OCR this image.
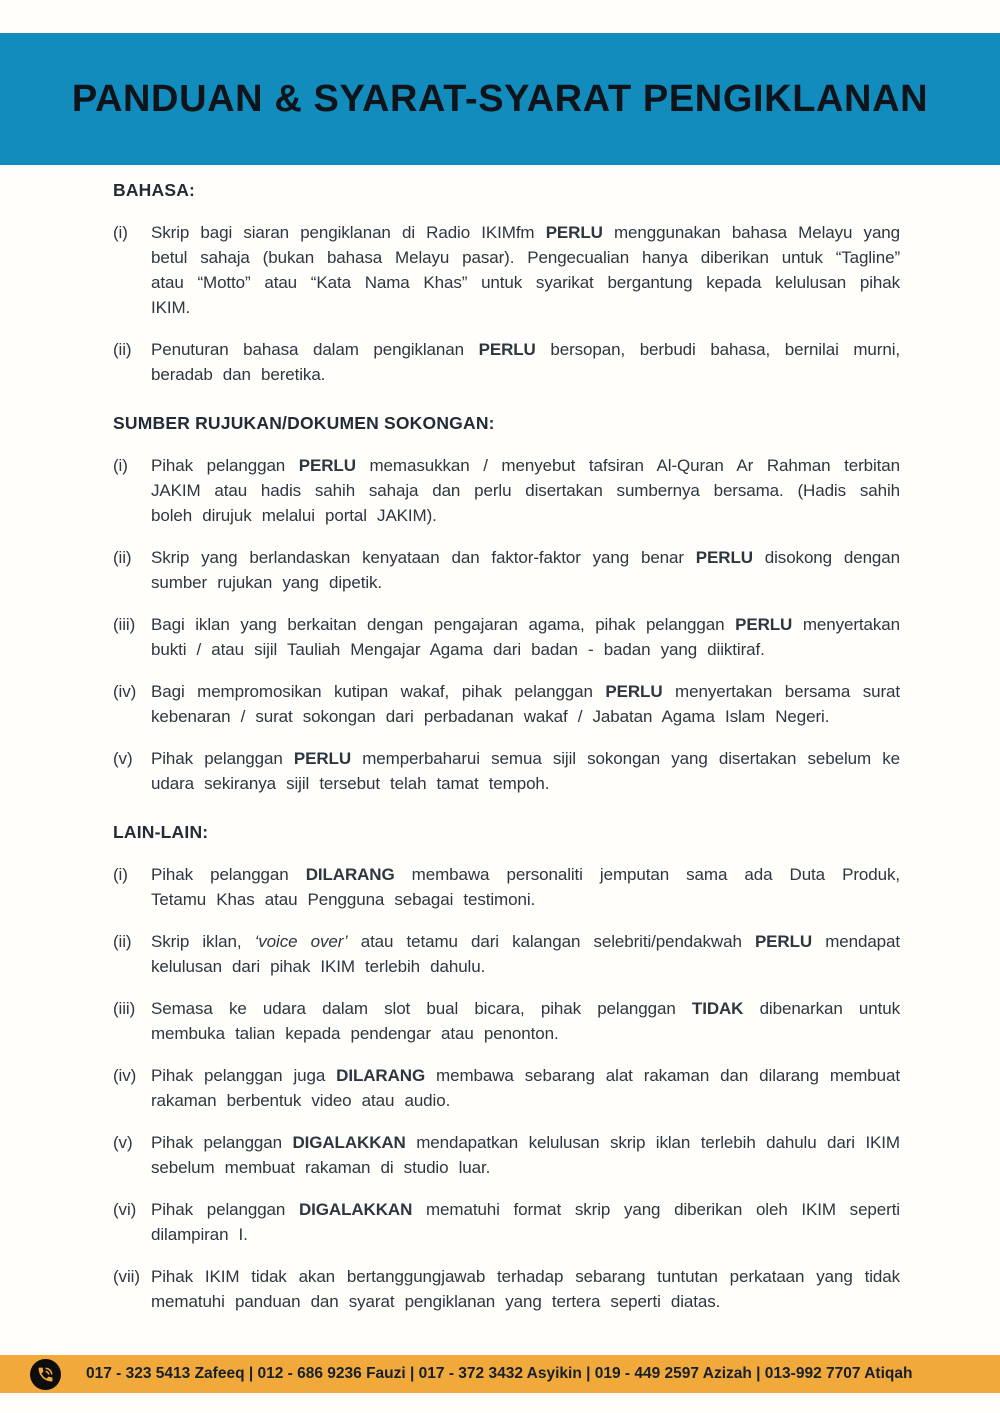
PANDUAN & SYARAT-SYARAT PENGIKLANAN
BAHASA:
(i) Skrip bagi siaran pengiklanan di Radio IKIMfm PERLU menggunakan bahasa Melayu yang betul sahaja (bukan bahasa Melayu pasar). Pengecualian hanya diberikan untuk “Tagline” atau “Motto” atau “Kata Nama Khas” untuk syarikat bergantung kepada kelulusan pihak IKIM.
(ii) Penuturan bahasa dalam pengiklanan PERLU bersopan, berbudi bahasa, bernilai murni, beradab dan beretika.
SUMBER RUJUKAN/DOKUMEN SOKONGAN:
(i) Pihak pelanggan PERLU memasukkan / menyebut tafsiran Al-Quran Ar Rahman terbitan JAKIM atau hadis sahih sahaja dan perlu disertakan sumbernya bersama. (Hadis sahih boleh dirujuk melalui portal JAKIM).
(ii) Skrip yang berlandaskan kenyataan dan faktor-faktor yang benar PERLU disokong dengan sumber rujukan yang dipetik.
(iii) Bagi iklan yang berkaitan dengan pengajaran agama, pihak pelanggan PERLU menyertakan bukti / atau sijil Tauliah Mengajar Agama dari badan - badan yang diiktiraf.
(iv) Bagi mempromosikan kutipan wakaf, pihak pelanggan PERLU menyertakan bersama surat kebenaran / surat sokongan dari perbadanan wakaf / Jabatan Agama Islam Negeri.
(v) Pihak pelanggan PERLU memperbaharui semua sijil sokongan yang disertakan sebelum ke udara sekiranya sijil tersebut telah tamat tempoh.
LAIN-LAIN:
(i) Pihak pelanggan DILARANG membawa personaliti jemputan sama ada Duta Produk, Tetamu Khas atau Pengguna sebagai testimoni.
(ii) Skrip iklan, ‘voice over’ atau tetamu dari kalangan selebriti/pendakwah PERLU mendapat kelulusan dari pihak IKIM terlebih dahulu.
(iii) Semasa ke udara dalam slot bual bicara, pihak pelanggan TIDAK dibenarkan untuk membuka talian kepada pendengar atau penonton.
(iv) Pihak pelanggan juga DILARANG membawa sebarang alat rakaman dan dilarang membuat rakaman berbentuk video atau audio.
(v) Pihak pelanggan DIGALAKKAN mendapatkan kelulusan skrip iklan terlebih dahulu dari IKIM sebelum membuat rakaman di studio luar.
(vi) Pihak pelanggan DIGALAKKAN mematuhi format skrip yang diberikan oleh IKIM seperti dilampiran I.
(vii) Pihak IKIM tidak akan bertanggungjawab terhadap sebarang tuntutan perkataan yang tidak mematuhi panduan dan syarat pengiklanan yang tertera seperti diatas.
017 - 323 5413 Zafeeq | 012 - 686 9236 Fauzi | 017 - 372 3432 Asyikin | 019 - 449 2597 Azizah | 013-992 7707 Atiqah
